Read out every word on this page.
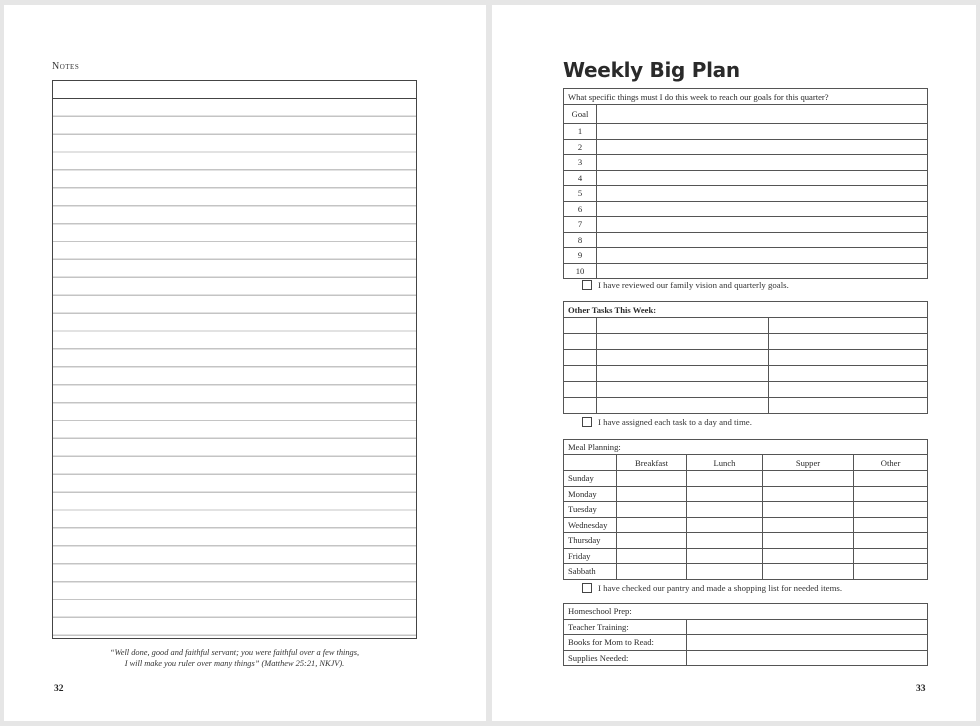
Notes
“Well done, good and faithful servant; you were faithful over a few things,
I will make you ruler over many things” (Matthew 25:21, NKJV).
32
Weekly Big Plan
What specific things must I do this week to reach our goals for this quarter?	
Goal	
1	
2	
3	
4	
5	
6	
7	
8	
9	
10	
I have reviewed our family vision and quarterly goals.
Other Tasks This Week:		

I have assigned each task to a day and time.
Meal Planning:				
	Breakfast	Lunch	Supper	Other
Sunday				
Monday				
Tuesday				
Wednesday				
Thursday				
Friday				
Sabbath				
I have checked our pantry and made a shopping list for needed items.
Homeschool Prep:	
Teacher Training:	
Books for Mom to Read:	
Supplies Needed:	
33
